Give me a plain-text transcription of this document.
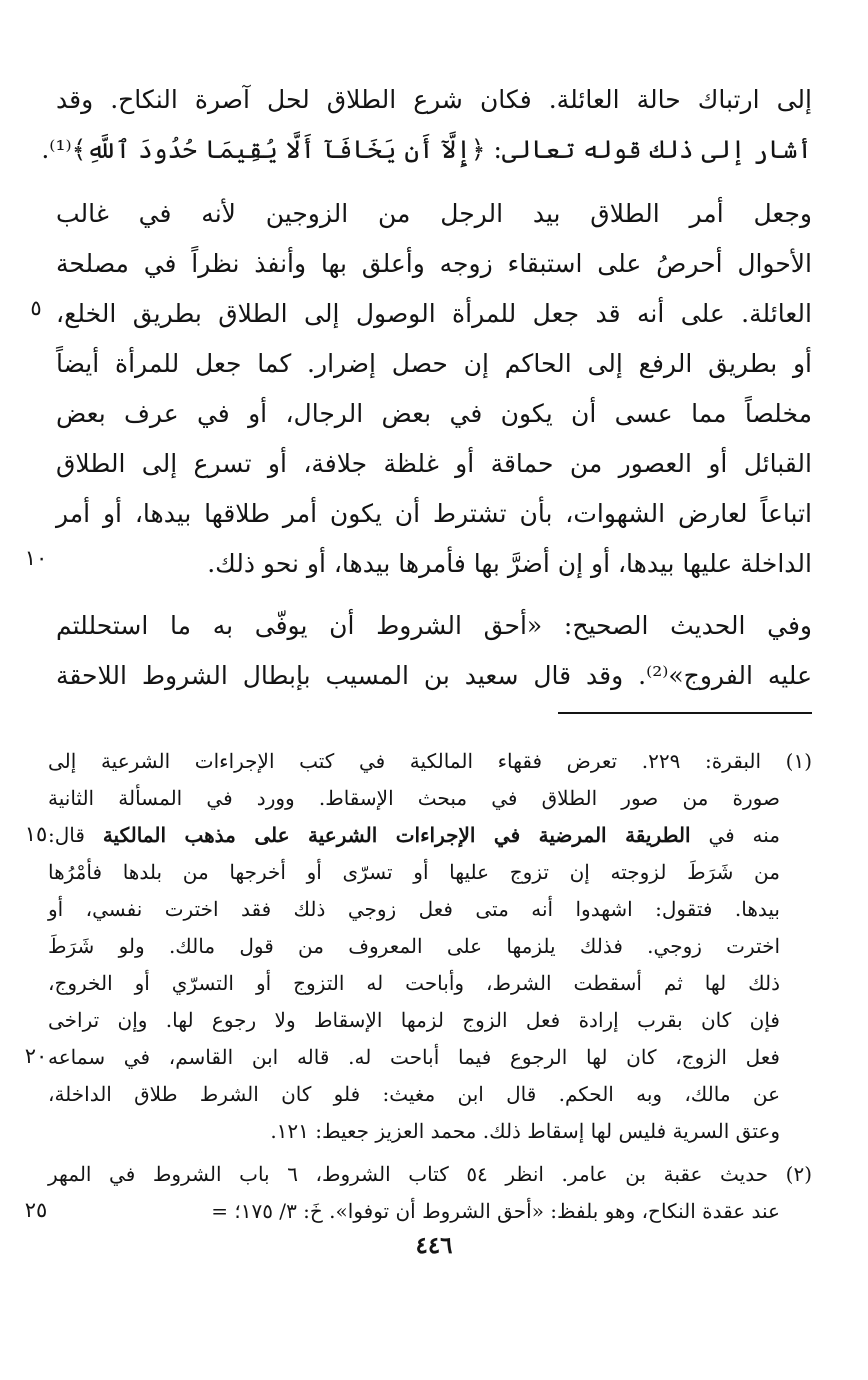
إلى ارتباك حالة العائلة. فكان شرع الطلاق لحل آصرة النكاح. وقد
أشار إلى ذلك قوله تعالى: ﴿إِلَّآ أَن يَخَافَآ أَلَّا يُقِيمَا حُدُودَ ٱللَّهِ﴾⁽¹⁾.
وجعل أمر الطلاق بيد الرجل من الزوجين لأنه في غالب
الأحوال أحرصُ على استبقاء زوجه وأعلق بها وأنفذ نظراً في مصلحة
العائلة. على أنه قد جعل للمرأة الوصول إلى الطلاق بطريق الخلع،
أو بطريق الرفع إلى الحاكم إن حصل إضرار. كما جعل للمرأة أيضاً
مخلصاً مما عسى أن يكون في بعض الرجال، أو في عرف بعض
القبائل أو العصور من حماقة أو غلظة جلافة، أو تسرع إلى الطلاق
اتباعاً لعارض الشهوات، بأن تشترط أن يكون أمر طلاقها بيدها، أو أمر
الداخلة عليها بيدها، أو إن أضرَّ بها فأمرها بيدها، أو نحو ذلك.
وفي الحديث الصحيح: «أحق الشروط أن يوفّى به ما استحللتم
عليه الفروج»⁽²⁾. وقد قال سعيد بن المسيب بإبطال الشروط اللاحقة
٥
١٠
١٥
٢٠
٢٥
(١) البقرة: ٢٢٩. تعرض فقهاء المالكية في كتب الإجراءات الشرعية إلى
صورة من صور الطلاق في مبحث الإسقاط. وورد في المسألة الثانية
منه في الطريقة المرضية في الإجراءات الشرعية على مذهب المالكية قال:
من شَرَطَ لزوجته إن تزوج عليها أو تسرّى أو أخرجها من بلدها فأمْرُها
بيدها. فتقول: اشهدوا أنه متى فعل زوجي ذلك فقد اخترت نفسي، أو
اخترت زوجي. فذلك يلزمها على المعروف من قول مالك. ولو شَرَطَ
ذلك لها ثم أسقطت الشرط، وأباحت له التزوج أو التسرّي أو الخروج،
فإن كان بقرب إرادة فعل الزوج لزمها الإسقاط ولا رجوع لها. وإن تراخى
فعل الزوج، كان لها الرجوع فيما أباحت له. قاله ابن القاسم، في سماعه
عن مالك، وبه الحكم. قال ابن مغيث: فلو كان الشرط طلاق الداخلة،
وعتق السرية فليس لها إسقاط ذلك. محمد العزيز جعيط: ١٢١.
(٢) حديث عقبة بن عامر. انظر ٥٤ كتاب الشروط، ٦ باب الشروط في المهر
عند عقدة النكاح، وهو بلفظ: «أحق الشروط أن توفوا». خَ: ٣/ ١٧٥؛ =
٤٤٦
